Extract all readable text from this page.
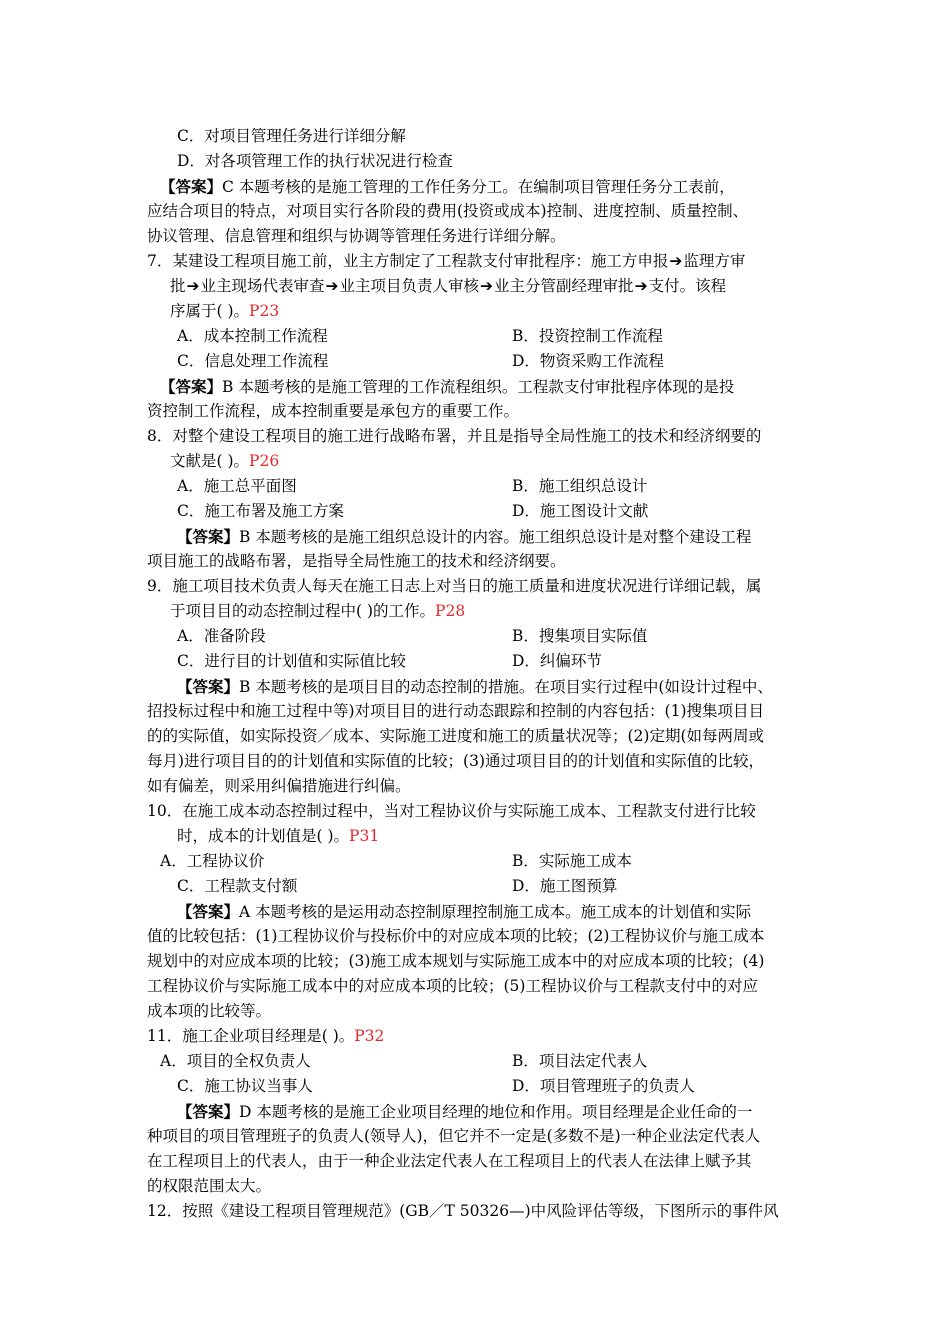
C．对项目管理任务进行详细分解
D．对各项管理工作的执行状况进行检查
【答案】C 本题考核的是施工管理的工作任务分工。在编制项目管理任务分工表前，
应结合项目的特点，对项目实行各阶段的费用(投资或成本)控制、进度控制、质量控制、
协议管理、信息管理和组织与协调等管理任务进行详细分解。
7．某建设工程项目施工前，业主方制定了工程款支付审批程序：施工方申报➔监理方审
批➔业主现场代表审查➔业主项目负责人审核➔业主分管副经理审批➔支付。该程
序属于( )。P23
A．成本控制工作流程	B．投资控制工作流程
C．信息处理工作流程	D．物资采购工作流程
【答案】B 本题考核的是施工管理的工作流程组织。工程款支付审批程序体现的是投
资控制工作流程，成本控制重要是承包方的重要工作。
8．对整个建设工程项目的施工进行战略布署，并且是指导全局性施工的技术和经济纲要的
文献是( )。P26
A．施工总平面图	B．施工组织总设计
C．施工布署及施工方案	D．施工图设计文献
【答案】B 本题考核的是施工组织总设计的内容。施工组织总设计是对整个建设工程
项目施工的战略布署，是指导全局性施工的技术和经济纲要。
9．施工项目技术负责人每天在施工日志上对当日的施工质量和进度状况进行详细记载，属
于项目目的动态控制过程中( )的工作。P28
A．准备阶段	B．搜集项目实际值
C．进行目的计划值和实际值比较	D．纠偏环节
【答案】B 本题考核的是项目目的动态控制的措施。在项目实行过程中(如设计过程中、
招投标过程中和施工过程中等)对项目目的进行动态跟踪和控制的内容包括：(1)搜集项目目
的的实际值，如实际投资／成本、实际施工进度和施工的质量状况等；(2)定期(如每两周或
每月)进行项目目的的计划值和实际值的比较；(3)通过项目目的的计划值和实际值的比较，
如有偏差，则采用纠偏措施进行纠偏。
10．在施工成本动态控制过程中，当对工程协议价与实际施工成本、工程款支付进行比较
时，成本的计划值是( )。P31
A．工程协议价	B．实际施工成本
C．工程款支付额	D．施工图预算
【答案】A 本题考核的是运用动态控制原理控制施工成本。施工成本的计划值和实际
值的比较包括：(1)工程协议价与投标价中的对应成本项的比较；(2)工程协议价与施工成本
规划中的对应成本项的比较；(3)施工成本规划与实际施工成本中的对应成本项的比较；(4)
工程协议价与实际施工成本中的对应成本项的比较；(5)工程协议价与工程款支付中的对应
成本项的比较等。
11．施工企业项目经理是( )。P32
A．项目的全权负责人	B．项目法定代表人
C．施工协议当事人	D．项目管理班子的负责人
【答案】D 本题考核的是施工企业项目经理的地位和作用。项目经理是企业任命的一
种项目的项目管理班子的负责人(领导人)，但它并不一定是(多数不是)一种企业法定代表人
在工程项目上的代表人，由于一种企业法定代表人在工程项目上的代表人在法律上赋予其
的权限范围太大。
12．按照《建设工程项目管理规范》(GB／T 50326—)中风险评估等级，下图所示的事件风
